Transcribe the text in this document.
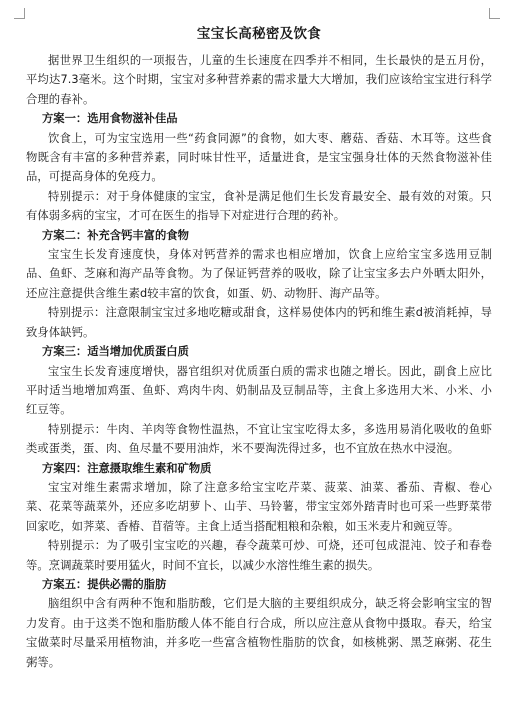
宝宝长高秘密及饮食

据世界卫生组织的一项报告，儿童的生长速度在四季并不相同，生长最快的是五月份，平均达7.3毫米。这个时期，宝宝对多种营养素的需求量大大增加，我们应该给宝宝进行科学合理的春补。

方案一：选用食物滋补佳品

饮食上，可为宝宝选用一些“药食同源”的食物，如大枣、蘑菇、香菇、木耳等。这些食物既含有丰富的多种营养素，同时味甘性平，适量进食，是宝宝强身壮体的天然食物滋补佳品，可提高身体的免疫力。

特别提示：对于身体健康的宝宝，食补是满足他们生长发育最安全、最有效的对策。只有体弱多病的宝宝，才可在医生的指导下对症进行合理的药补。

方案二：补充含钙丰富的食物

宝宝生长发育速度快，身体对钙营养的需求也相应增加，饮食上应给宝宝多选用豆制品、鱼虾、芝麻和海产品等食物。为了保证钙营养的吸收，除了让宝宝多去户外晒太阳外，还应注意提供含维生素d较丰富的饮食，如蛋、奶、动物肝、海产品等。

特别提示：注意限制宝宝过多地吃糖或甜食，这样易使体内的钙和维生素d被消耗掉，导致身体缺钙。

方案三：适当增加优质蛋白质

宝宝生长发育速度增快，器官组织对优质蛋白质的需求也随之增长。因此，副食上应比平时适当地增加鸡蛋、鱼虾、鸡肉牛肉、奶制品及豆制品等，主食上多选用大米、小米、小红豆等。

特别提示：牛肉、羊肉等食物性温热，不宜让宝宝吃得太多，多选用易消化吸收的鱼虾类或蛋类，蛋、肉、鱼尽量不要用油炸，米不要淘洗得过多，也不宜放在热水中浸泡。

方案四：注意摄取维生素和矿物质

宝宝对维生素需求增加，除了注意多给宝宝吃芹菜、菠菜、油菜、番茄、青椒、卷心菜、花菜等蔬菜外，还应多吃胡萝卜、山芋、马铃薯，带宝宝郊外踏青时也可采一些野菜带回家吃，如荠菜、香椿、苜蓿等。主食上适当搭配粗粮和杂粮，如玉米麦片和豌豆等。

特别提示：为了吸引宝宝吃的兴趣，春令蔬菜可炒、可烧，还可包成混沌、饺子和春卷等。烹调蔬菜时要用猛火，时间不宜长，以减少水溶性维生素的损失。

方案五：提供必需的脂肪

脑组织中含有两种不饱和脂肪酸，它们是大脑的主要组织成分，缺乏将会影响宝宝的智力发育。由于这类不饱和脂肪酸人体不能自行合成，所以应注意从食物中摄取。春天，给宝宝做菜时尽量采用植物油，并多吃一些富含植物性脂肪的饮食，如核桃粥、黑芝麻粥、花生粥等。
